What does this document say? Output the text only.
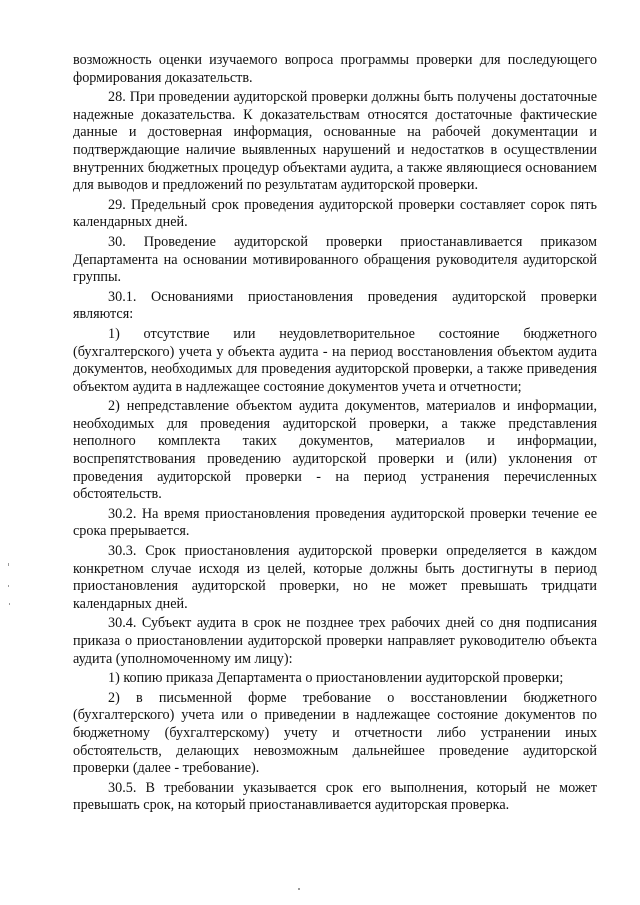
возможность оценки изучаемого вопроса программы проверки для последующего формирования доказательств.

28. При проведении аудиторской проверки должны быть получены достаточные надежные доказательства. К доказательствам относятся достаточные фактические данные и достоверная информация, основанные на рабочей документации и подтверждающие наличие выявленных нарушений и недостатков в осуществлении внутренних бюджетных процедур объектами аудита, а также являющиеся основанием для выводов и предложений по результатам аудиторской проверки.

29. Предельный срок проведения аудиторской проверки составляет сорок пять календарных дней.

30. Проведение аудиторской проверки приостанавливается приказом Департамента на основании мотивированного обращения руководителя аудиторской группы.

30.1. Основаниями приостановления проведения аудиторской проверки являются:

1) отсутствие или неудовлетворительное состояние бюджетного (бухгалтерского) учета у объекта аудита - на период восстановления объектом аудита документов, необходимых для проведения аудиторской проверки, а также приведения объектом аудита в надлежащее состояние документов учета и отчетности;

2) непредставление объектом аудита документов, материалов и информации, необходимых для проведения аудиторской проверки, а также представления неполного комплекта таких документов, материалов и информации, воспрепятствования проведению аудиторской проверки и (или) уклонения от проведения аудиторской проверки - на период устранения перечисленных обстоятельств.

30.2. На время приостановления проведения аудиторской проверки течение ее срока прерывается.

30.3. Срок приостановления аудиторской проверки определяется в каждом конкретном случае исходя из целей, которые должны быть достигнуты в период приостановления аудиторской проверки, но не может превышать тридцати календарных дней.

30.4. Субъект аудита в срок не позднее трех рабочих дней со дня подписания приказа о приостановлении аудиторской проверки направляет руководителю объекта аудита (уполномоченному им лицу):

1) копию приказа Департамента о приостановлении аудиторской проверки;

2) в письменной форме требование о восстановлении бюджетного (бухгалтерского) учета или о приведении в надлежащее состояние документов по бюджетному (бухгалтерскому) учету и отчетности либо устранении иных обстоятельств, делающих невозможным дальнейшее проведение аудиторской проверки (далее - требование).

30.5. В требовании указывается срок его выполнения, который не может превышать срок, на который приостанавливается аудиторская проверка.
